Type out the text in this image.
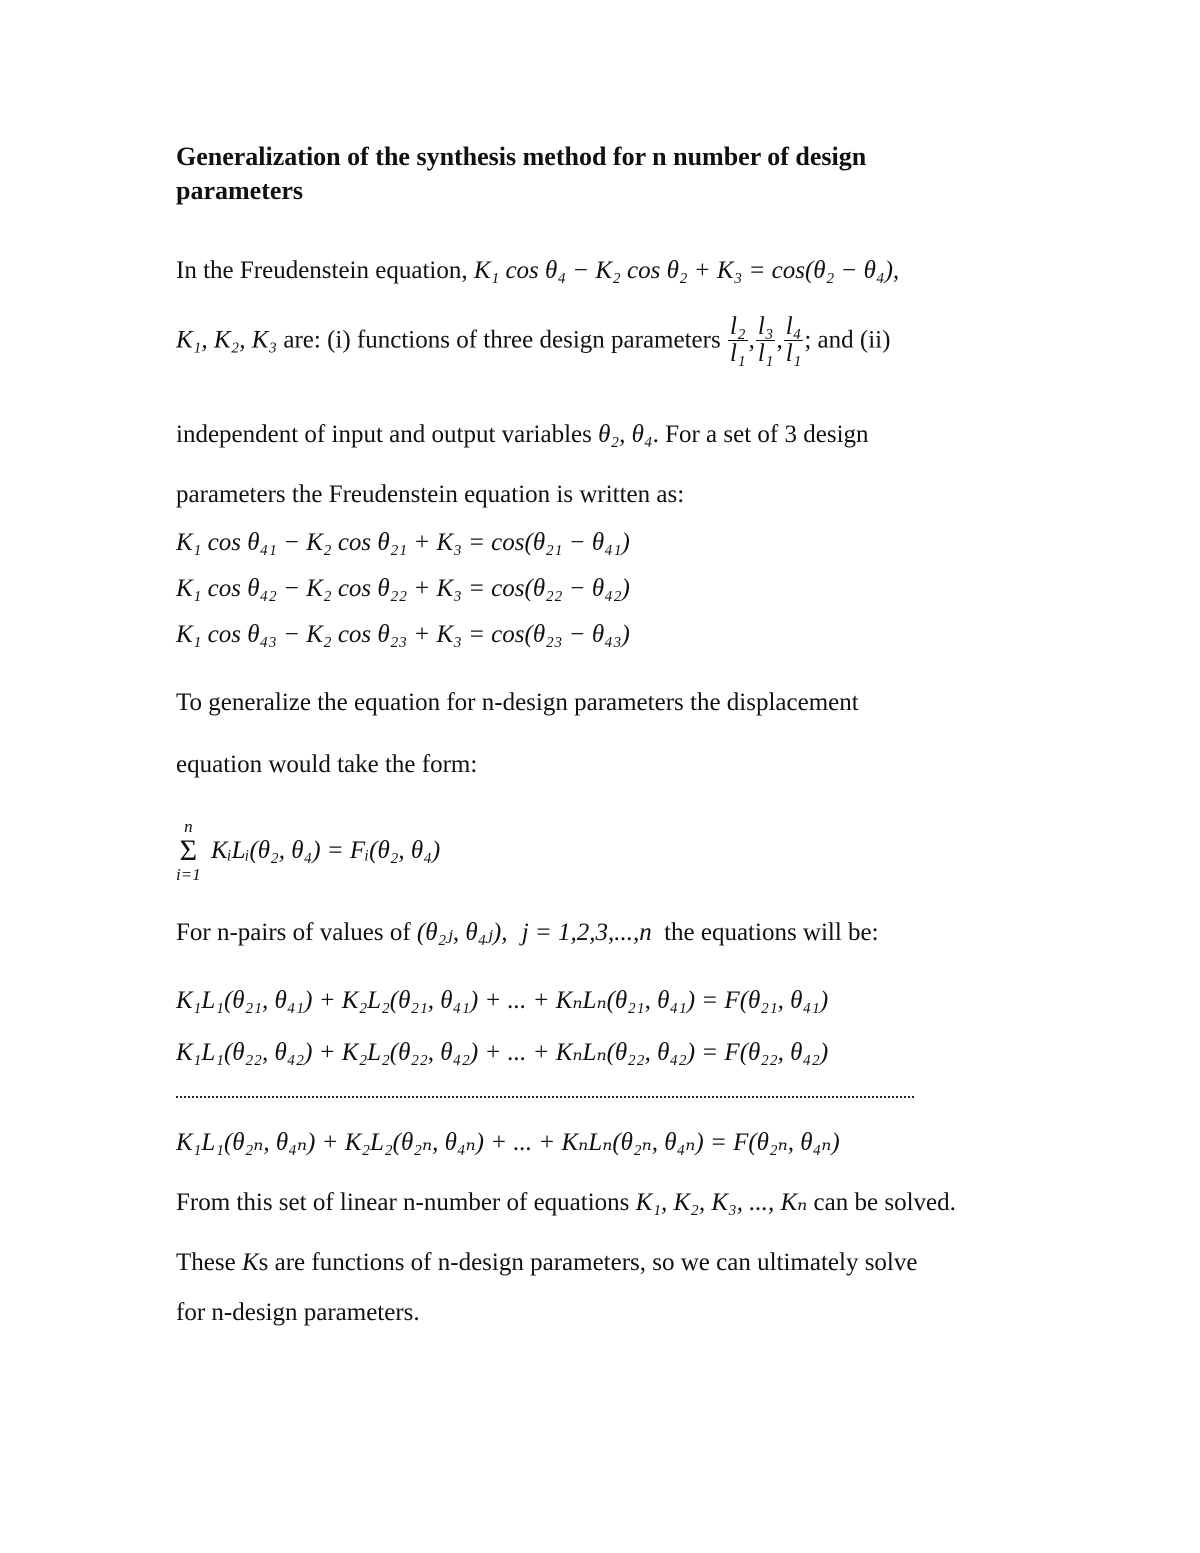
Generalization of the synthesis method for n number of design
parameters
In the Freudenstein equation, K₁ cos θ₄ − K₂ cos θ₂ + K₃ = cos(θ₂ − θ₄),
K₁, K₂, K₃ are: (i) functions of three design parameters $\frac{\text{l₂}}{\text{l₁}}$ , $\frac{\text{l₃}}{\text{l₁}}$ , $\frac{\text{l₄}}{\text{l₁}}$ ; and (ii)
independent of input and output variables θ₂, θ₄. For a set of 3 design
parameters the Freudenstein equation is written as:
K₁ cos θ₄₁ − K₂ cos θ₂₁ + K₃ = cos(θ₂₁ − θ₄₁)
K₁ cos θ₄₂ − K₂ cos θ₂₂ + K₃ = cos(θ₂₂ − θ₄₂)
K₁ cos θ₄₃ − K₂ cos θ₂₃ + K₃ = cos(θ₂₃ − θ₄₃)
To generalize the equation for n-design parameters the displacement
equation would take the form:
n
Σ
i=1
KᵢLᵢ(θ₂, θ₄) = Fᵢ(θ₂, θ₄)
For n-pairs of values of (θ₂ⱼ, θ₄ⱼ), j = 1,2,3,...,n the equations will be:
K₁L₁(θ₂₁, θ₄₁) + K₂L₂(θ₂₁, θ₄₁) + ... + KₙLₙ(θ₂₁, θ₄₁) = F(θ₂₁, θ₄₁)
K₁L₁(θ₂₂, θ₄₂) + K₂L₂(θ₂₂, θ₄₂) + ... + KₙLₙ(θ₂₂, θ₄₂) = F(θ₂₂, θ₄₂)
K₁L₁(θ₂ₙ, θ₄ₙ) + K₂L₂(θ₂ₙ, θ₄ₙ) + ... + KₙLₙ(θ₂ₙ, θ₄ₙ) = F(θ₂ₙ, θ₄ₙ)
From this set of linear n-number of equations K₁, K₂, K₃, ..., Kₙ can be solved.
These Ks are functions of n-design parameters, so we can ultimately solve
for n-design parameters.
